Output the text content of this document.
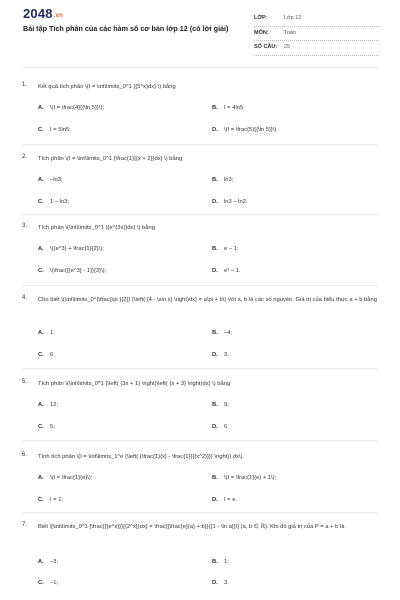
2048.vn
Bài tập Tích phân của các hàm số cơ bản lớp 12 (có lời giải)
LỚP:	Lớp 12
MÔN:	Toán
SỐ CÂU: 25
1. Kết quả tích phân \(I = \int\limits_0^1 {{5^x}dx} \) bằng
A. \(I = \frac{4}{{\ln 5}}\);	B. I = 4ln5;
C. I = 5ln5;	D. \(I = \frac{5}{{\ln 5}}\).
2. Tích phân \(I = \int\limits_0^1 {\frac{1}{{x + 2}}dx} \) bằng
A. –ln3;	B. ln3;
C. 1 – ln3;	D. ln3 – ln2.
3. Tích phân \(\int\limits_0^1 {{e^{3x}}dx} \) bằng
A. \({e^3} + \frac{1}{2}\);	B. e – 1;
C. \(\frac{{{e^3} - 1}}{3}\);	D. e³ – 1.
4. Cho biết \(\int\limits_0^{\frac{\pi }{2}} {\left( {4 - \sin x} \right)dx} = a\pi + b\) với a, b là các số nguyên. Giá trị của biểu thức a + b bằng
A. 1;	B. –4;
C. 6;	D. 3.
5. Tích phân \(\int\limits_0^1 {\left( {3x + 1} \right)\left( {x + 3} \right)dx} \) bằng
A. 12;	B. 9;
C. 5;	D. 6.
6. Tính tích phân \(I = \int\limits_1^e {\left( {\frac{1}{x} - \frac{1}{{{x^2}}}} \right)} dx\).
A. \(I = \frac{1}{e}\);	B. \(I = \frac{1}{e} + 1\);
C. I = 1;	D. I = e.
7. Biết \[\int\limits_0^1 {\frac{{{e^x}}}{{2^x}}dx} = \frac{{\frac{e}{a} + b}}{{1 - \ln a}}\] (a, b ∈ ℝ). Khi đó giá trị của P = a + b là
A. –3;	B. 1;
C. –1;	D. 3.
